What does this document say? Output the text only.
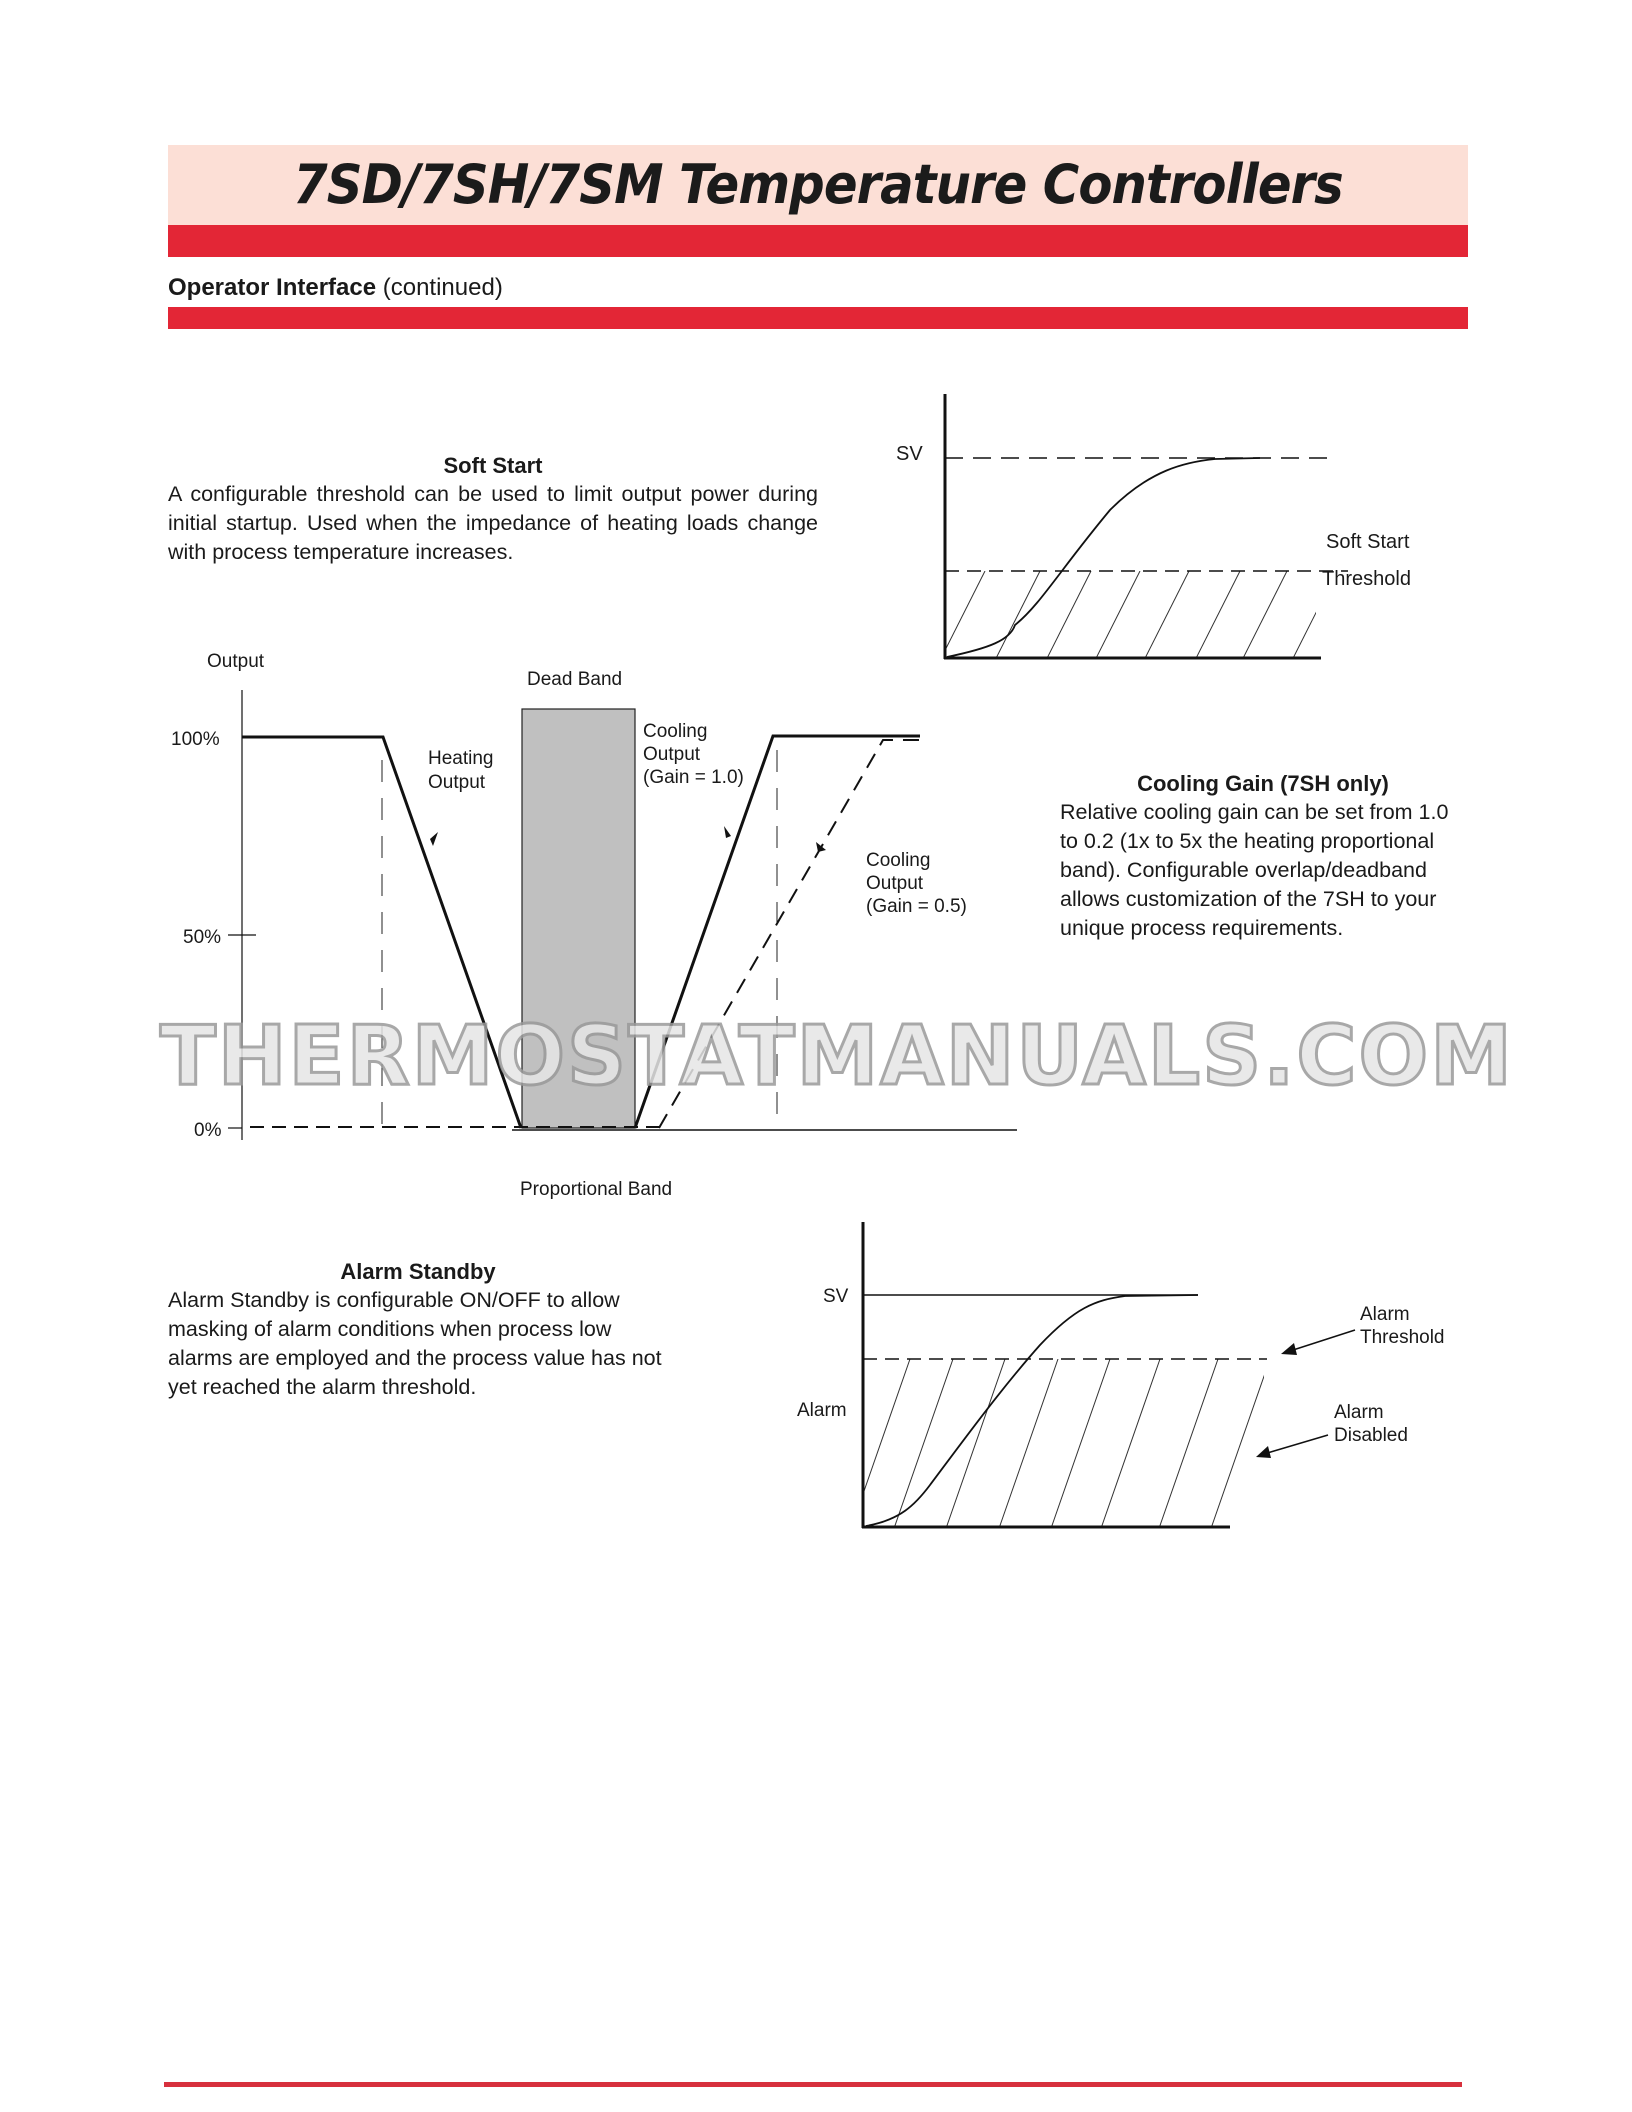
7SD/7SH/7SM Temperature Controllers
Operator Interface (continued)
Soft Start
A configurable threshold can be used to limit output power during initial startup. Used when the impedance of heating loads change with process temperature increases.
SV
Soft Start
Threshold
Output
100%
50%
0%
Dead Band
Heating
Output
Cooling
Output
(Gain = 1.0)
Cooling
Output
(Gain = 0.5)
Proportional Band
SV
Alarm
Alarm
Threshold
Alarm
Disabled
Cooling Gain (7SH only)
Relative cooling gain can be set from 1.0 to 0.2 (1x to 5x the heating proportional band). Configurable overlap/deadband allows customization of the 7SH to your unique process requirements.
Alarm Standby
Alarm Standby is configurable ON/OFF to allow masking of alarm conditions when process low alarms are employed and the process value has not yet reached the alarm threshold.
THERMOSTATMANUALS.COM
